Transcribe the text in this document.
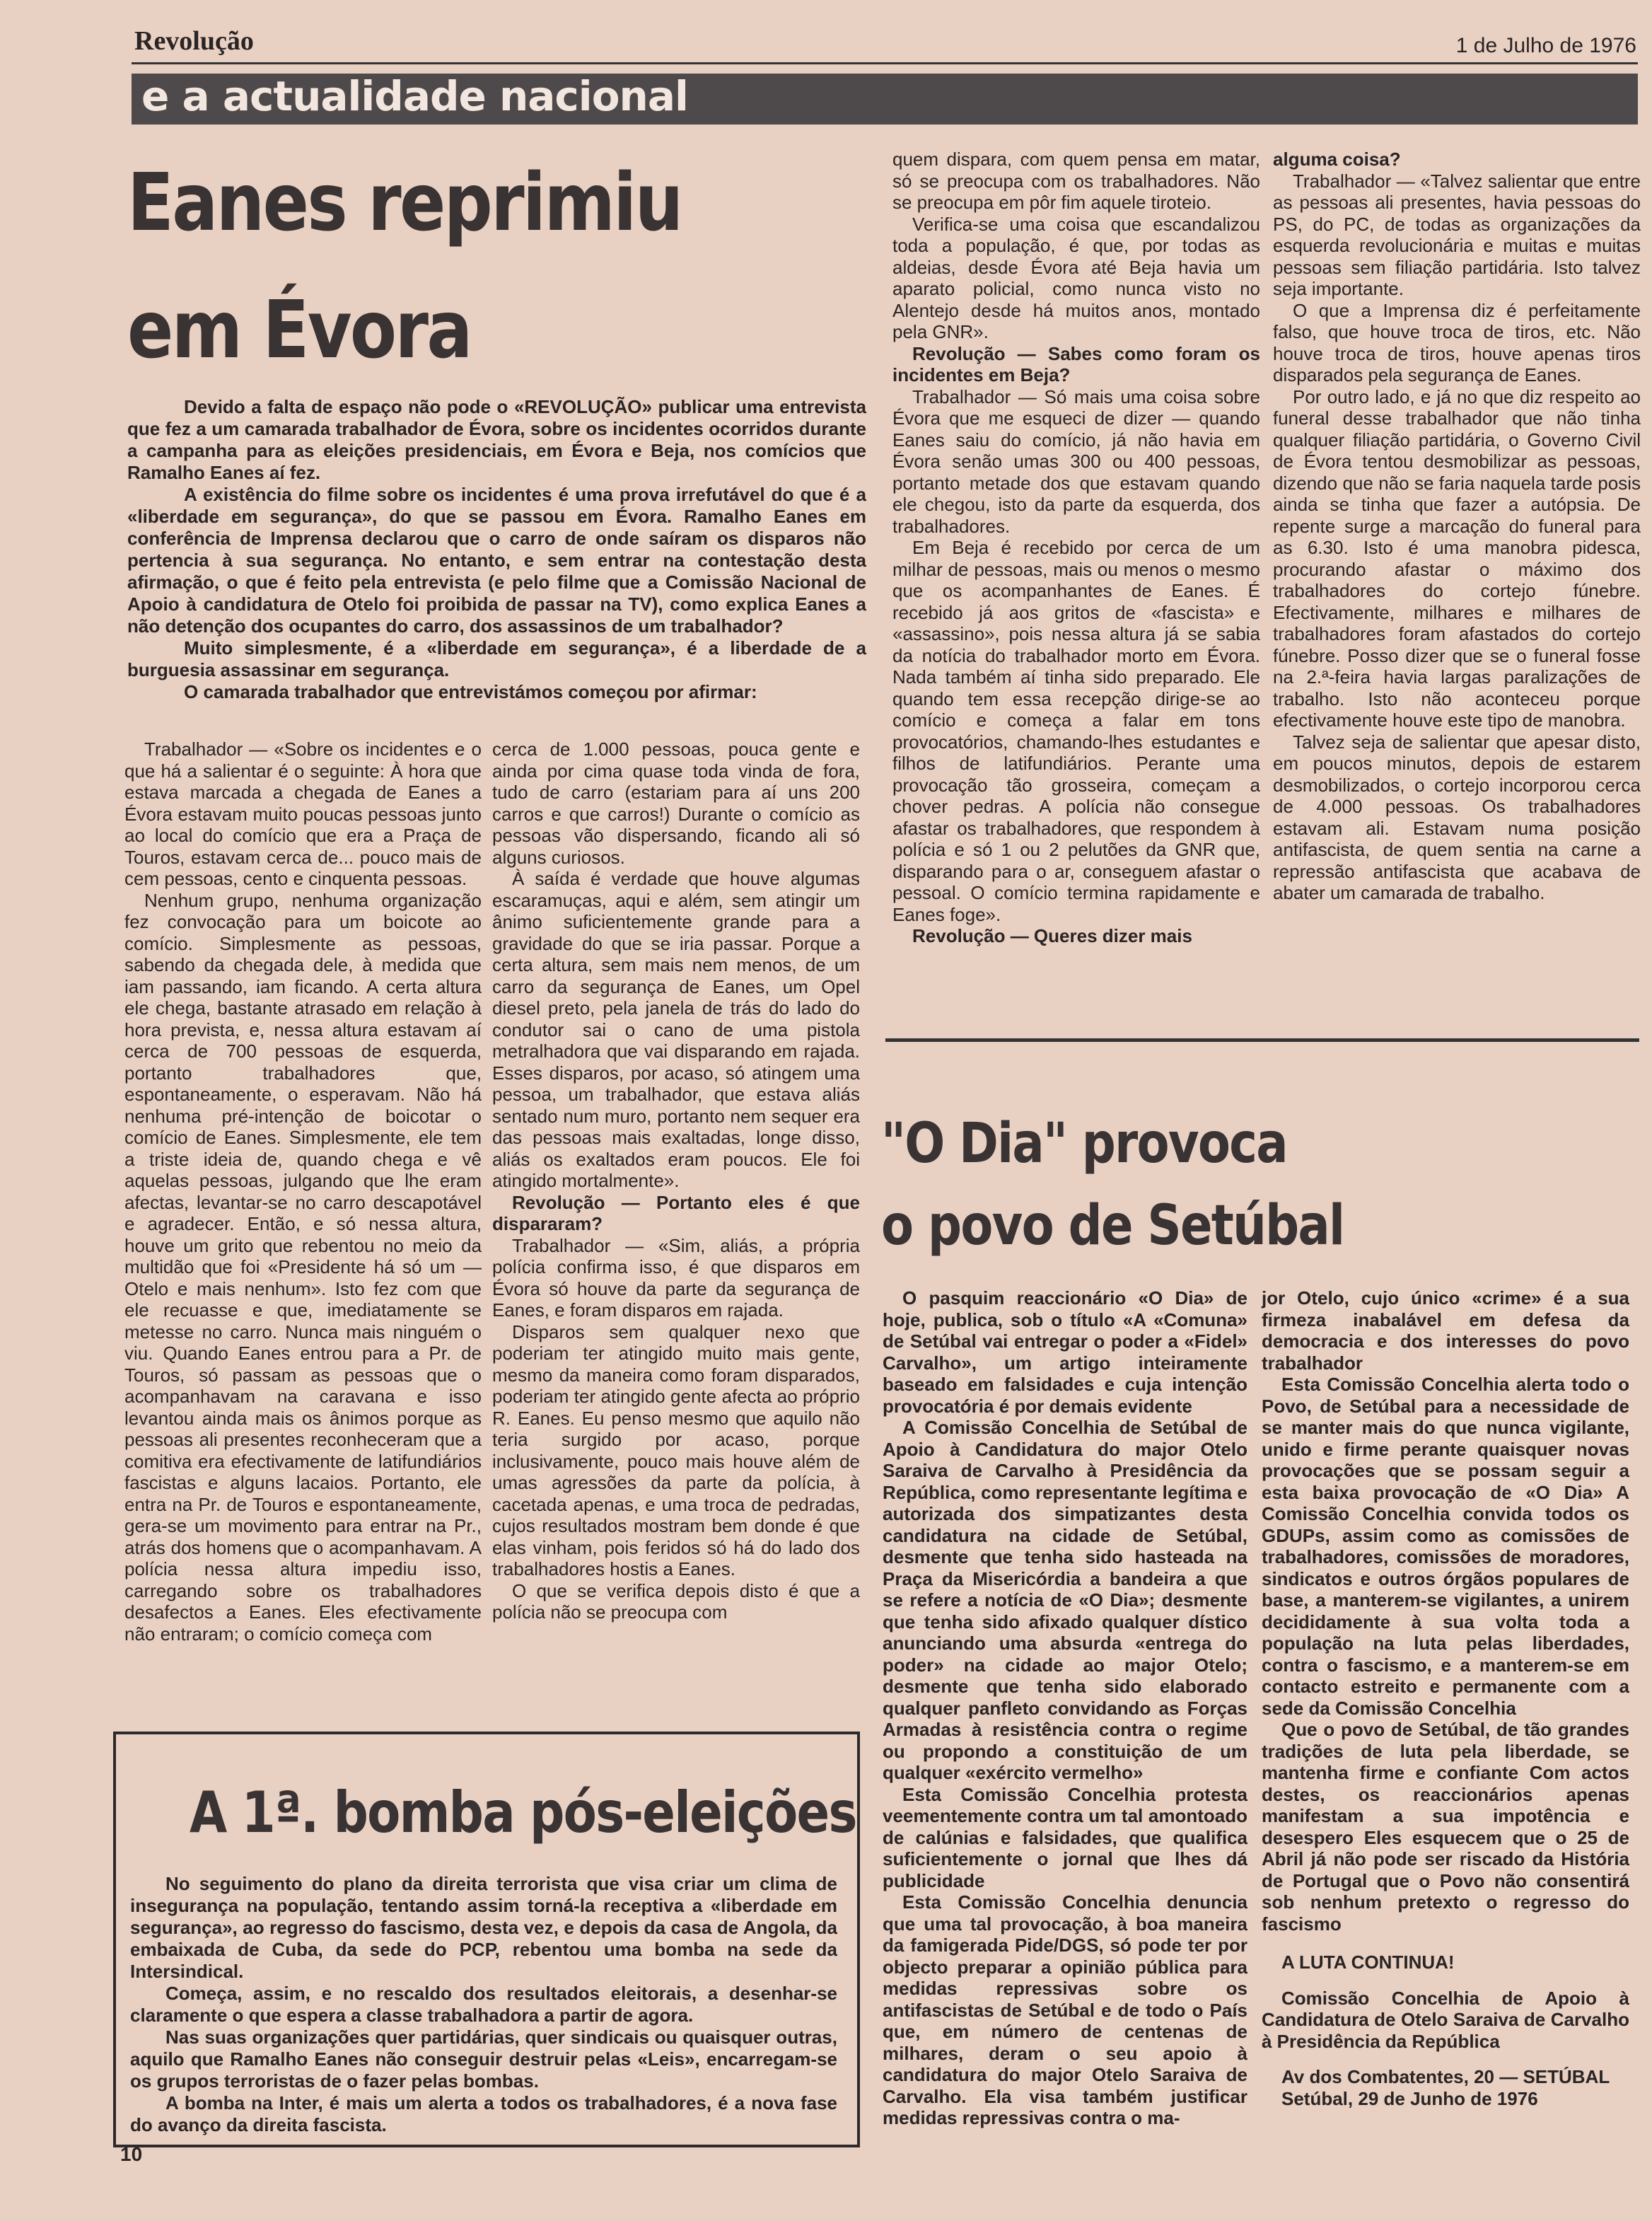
Revolução	1 de Julho de 1976
e a actualidade nacional
Eanes reprimiu
em Évora

Devido a falta de espaço não pode o «REVOLUÇÃO» publicar uma entrevista que fez a um camarada trabalhador de Évora, sobre os incidentes ocorridos durante a campanha para as eleições presidenciais, em Évora e Beja, nos comícios que Ramalho Eanes aí fez.

A existência do filme sobre os incidentes é uma prova irrefutável do que é a «liberdade em segurança», do que se passou em Évora. Ramalho Eanes em conferência de Imprensa declarou que o carro de onde saíram os disparos não pertencia à sua segurança. No entanto, e sem entrar na contestação desta afirmação, o que é feito pela entrevista (e pelo filme que a Comissão Nacional de Apoio à candidatura de Otelo foi proibida de passar na TV), como explica Eanes a não detenção dos ocupantes do carro, dos assassinos de um trabalhador?

Muito simplesmente, é a «liberdade em segurança», é a liberdade de a burguesia assassinar em segurança.

O camarada trabalhador que entrevistámos começou por afirmar:

Trabalhador — «Sobre os incidentes e o que há a salientar é o seguinte: À hora que estava marcada a chegada de Eanes a Évora estavam muito poucas pessoas junto ao local do comício que era a Praça de Touros, estavam cerca de... pouco mais de cem pessoas, cento e cinquenta pessoas.

Nenhum grupo, nenhuma organização fez convocação para um boicote ao comício. Simplesmente as pessoas, sabendo da chegada dele, à medida que iam passando, iam ficando. A certa altura ele chega, bastante atrasado em relação à hora prevista, e, nessa altura estavam aí cerca de 700 pessoas de esquerda, portanto trabalhadores que, espontaneamente, o esperavam. Não há nenhuma pré-intenção de boicotar o comício de Eanes. Simplesmente, ele tem a triste ideia de, quando chega e vê aquelas pessoas, julgando que lhe eram afectas, levantar-se no carro descapotável e agradecer. Então, e só nessa altura, houve um grito que rebentou no meio da multidão que foi «Presidente há só um — Otelo e mais nenhum». Isto fez com que ele recuasse e que, imediatamente se metesse no carro. Nunca mais ninguém o viu. Quando Eanes entrou para a Pr. de Touros, só passam as pessoas que o acompanhavam na caravana e isso levantou ainda mais os ânimos porque as pessoas ali presentes reconheceram que a comitiva era efectivamente de latifundiários fascistas e alguns lacaios. Portanto, ele entra na Pr. de Touros e espontaneamente, gera-se um movimento para entrar na Pr., atrás dos homens que o acompanhavam. A polícia nessa altura impediu isso, carregando sobre os trabalhadores desafectos a Eanes. Eles efectivamente não entraram; o comício começa com

cerca de 1.000 pessoas, pouca gente e ainda por cima quase toda vinda de fora, tudo de carro (estariam para aí uns 200 carros e que carros!) Durante o comício as pessoas vão dispersando, ficando ali só alguns curiosos.

À saída é verdade que houve algumas escaramuças, aqui e além, sem atingir um ânimo suficientemente grande para a gravidade do que se iria passar. Porque a certa altura, sem mais nem menos, de um carro da segurança de Eanes, um Opel diesel preto, pela janela de trás do lado do condutor sai o cano de uma pistola metralhadora que vai disparando em rajada. Esses disparos, por acaso, só atingem uma pessoa, um trabalhador, que estava aliás sentado num muro, portanto nem sequer era das pessoas mais exaltadas, longe disso, aliás os exaltados eram poucos. Ele foi atingido mortalmente».

Revolução — Portanto eles é que dispararam?

Trabalhador — «Sim, aliás, a própria polícia confirma isso, é que disparos em Évora só houve da parte da segurança de Eanes, e foram disparos em rajada.

Disparos sem qualquer nexo que poderiam ter atingido muito mais gente, mesmo da maneira como foram disparados, poderiam ter atingido gente afecta ao próprio R. Eanes. Eu penso mesmo que aquilo não teria surgido por acaso, porque inclusivamente, pouco mais houve além de umas agressões da parte da polícia, à cacetada apenas, e uma troca de pedradas, cujos resultados mostram bem donde é que elas vinham, pois feridos só há do lado dos trabalhadores hostis a Eanes.

O que se verifica depois disto é que a polícia não se preocupa com

quem dispara, com quem pensa em matar, só se preocupa com os trabalhadores. Não se preocupa em pôr fim aquele tiroteio.

Verifica-se uma coisa que escandalizou toda a população, é que, por todas as aldeias, desde Évora até Beja havia um aparato policial, como nunca visto no Alentejo desde há muitos anos, montado pela GNR».

Revolução — Sabes como foram os incidentes em Beja?

Trabalhador — Só mais uma coisa sobre Évora que me esqueci de dizer — quando Eanes saiu do comício, já não havia em Évora senão umas 300 ou 400 pessoas, portanto metade dos que estavam quando ele chegou, isto da parte da esquerda, dos trabalhadores.

Em Beja é recebido por cerca de um milhar de pessoas, mais ou menos o mesmo que os acompanhantes de Eanes. É recebido já aos gritos de «fascista» e «assassino», pois nessa altura já se sabia da notícia do trabalhador morto em Évora. Nada também aí tinha sido preparado. Ele quando tem essa recepção dirige-se ao comício e começa a falar em tons provocatórios, chamando-lhes estudantes e filhos de latifundiários. Perante uma provocação tão grosseira, começam a chover pedras. A polícia não consegue afastar os trabalhadores, que respondem à polícia e só 1 ou 2 pelutões da GNR que, disparando para o ar, conseguem afastar o pessoal. O comício termina rapidamente e Eanes foge».

Revolução — Queres dizer mais

alguma coisa?

Trabalhador — «Talvez salientar que entre as pessoas ali presentes, havia pessoas do PS, do PC, de todas as organizações da esquerda revolucionária e muitas e muitas pessoas sem filiação partidária. Isto talvez seja importante.

O que a Imprensa diz é perfeitamente falso, que houve troca de tiros, etc. Não houve troca de tiros, houve apenas tiros disparados pela segurança de Eanes.

Por outro lado, e já no que diz respeito ao funeral desse trabalhador que não tinha qualquer filiação partidária, o Governo Civil de Évora tentou desmobilizar as pessoas, dizendo que não se faria naquela tarde posis ainda se tinha que fazer a autópsia. De repente surge a marcação do funeral para as 6.30. Isto é uma manobra pidesca, procurando afastar o máximo dos trabalhadores do cortejo fúnebre. Efectivamente, milhares e milhares de trabalhadores foram afastados do cortejo fúnebre. Posso dizer que se o funeral fosse na 2.ª-feira havia largas paralizações de trabalho. Isto não aconteceu porque efectivamente houve este tipo de manobra.

Talvez seja de salientar que apesar disto, em poucos minutos, depois de estarem desmobilizados, o cortejo incorporou cerca de 4.000 pessoas. Os trabalhadores estavam ali. Estavam numa posição antifascista, de quem sentia na carne a repressão antifascista que acabava de abater um camarada de trabalho.

"O Dia" provoca
o povo de Setúbal

O pasquim reaccionário «O Dia» de hoje, publica, sob o título «A «Comuna» de Setúbal vai entregar o poder a «Fidel» Carvalho», um artigo inteiramente baseado em falsidades e cuja intenção provocatória é por demais evidente

A Comissão Concelhia de Setúbal de Apoio à Candidatura do major Otelo Saraiva de Carvalho à Presidência da República, como representante legítima e autorizada dos simpatizantes desta candidatura na cidade de Setúbal, desmente que tenha sido hasteada na Praça da Misericórdia a bandeira a que se refere a notícia de «O Dia»; desmente que tenha sido afixado qualquer dístico anunciando uma absurda «entrega do poder» na cidade ao major Otelo; desmente que tenha sido elaborado qualquer panfleto convidando as Forças Armadas à resistência contra o regime ou propondo a constituição de um qualquer «exército vermelho»

Esta Comissão Concelhia protesta veementemente contra um tal amontoado de calúnias e falsidades, que qualifica suficientemente o jornal que lhes dá publicidade

Esta Comissão Concelhia denuncia que uma tal provocação, à boa maneira da famigerada Pide/DGS, só pode ter por objecto preparar a opinião pública para medidas repressivas sobre os antifascistas de Setúbal e de todo o País que, em número de centenas de milhares, deram o seu apoio à candidatura do major Otelo Saraiva de Carvalho. Ela visa também justificar medidas repressivas contra o ma-

jor Otelo, cujo único «crime» é a sua firmeza inabalável em defesa da democracia e dos interesses do povo trabalhador

Esta Comissão Concelhia alerta todo o Povo, de Setúbal para a necessidade de se manter mais do que nunca vigilante, unido e firme perante quaisquer novas provocações que se possam seguir a esta baixa provocação de «O Dia» A Comissão Concelhia convida todos os GDUPs, assim como as comissões de trabalhadores, comissões de moradores, sindicatos e outros órgãos populares de base, a manterem-se vigilantes, a unirem decididamente à sua volta toda a população na luta pelas liberdades, contra o fascismo, e a manterem-se em contacto estreito e permanente com a sede da Comissão Concelhia

Que o povo de Setúbal, de tão grandes tradições de luta pela liberdade, se mantenha firme e confiante Com actos destes, os reaccionários apenas manifestam a sua impotência e desespero Eles esquecem que o 25 de Abril já não pode ser riscado da História de Portugal que o Povo não consentirá sob nenhum pretexto o regresso do fascismo

A LUTA CONTINUA!

Comissão Concelhia de Apoio à Candidatura de Otelo Saraiva de Carvalho à Presidência da República

Av dos Combatentes, 20 — SETÚBAL

Setúbal, 29 de Junho de 1976

A 1ª. bomba pós-eleições

No seguimento do plano da direita terrorista que visa criar um clima de insegurança na população, tentando assim torná-la receptiva a «liberdade em segurança», ao regresso do fascismo, desta vez, e depois da casa de Angola, da embaixada de Cuba, da sede do PCP, rebentou uma bomba na sede da Intersindical.

Começa, assim, e no rescaldo dos resultados eleitorais, a desenhar-se claramente o que espera a classe trabalhadora a partir de agora.

Nas suas organizações quer partidárias, quer sindicais ou quaisquer outras, aquilo que Ramalho Eanes não conseguir destruir pelas «Leis», encarregam-se os grupos terroristas de o fazer pelas bombas.

A bomba na Inter, é mais um alerta a todos os trabalhadores, é a nova fase do avanço da direita fascista.

10
